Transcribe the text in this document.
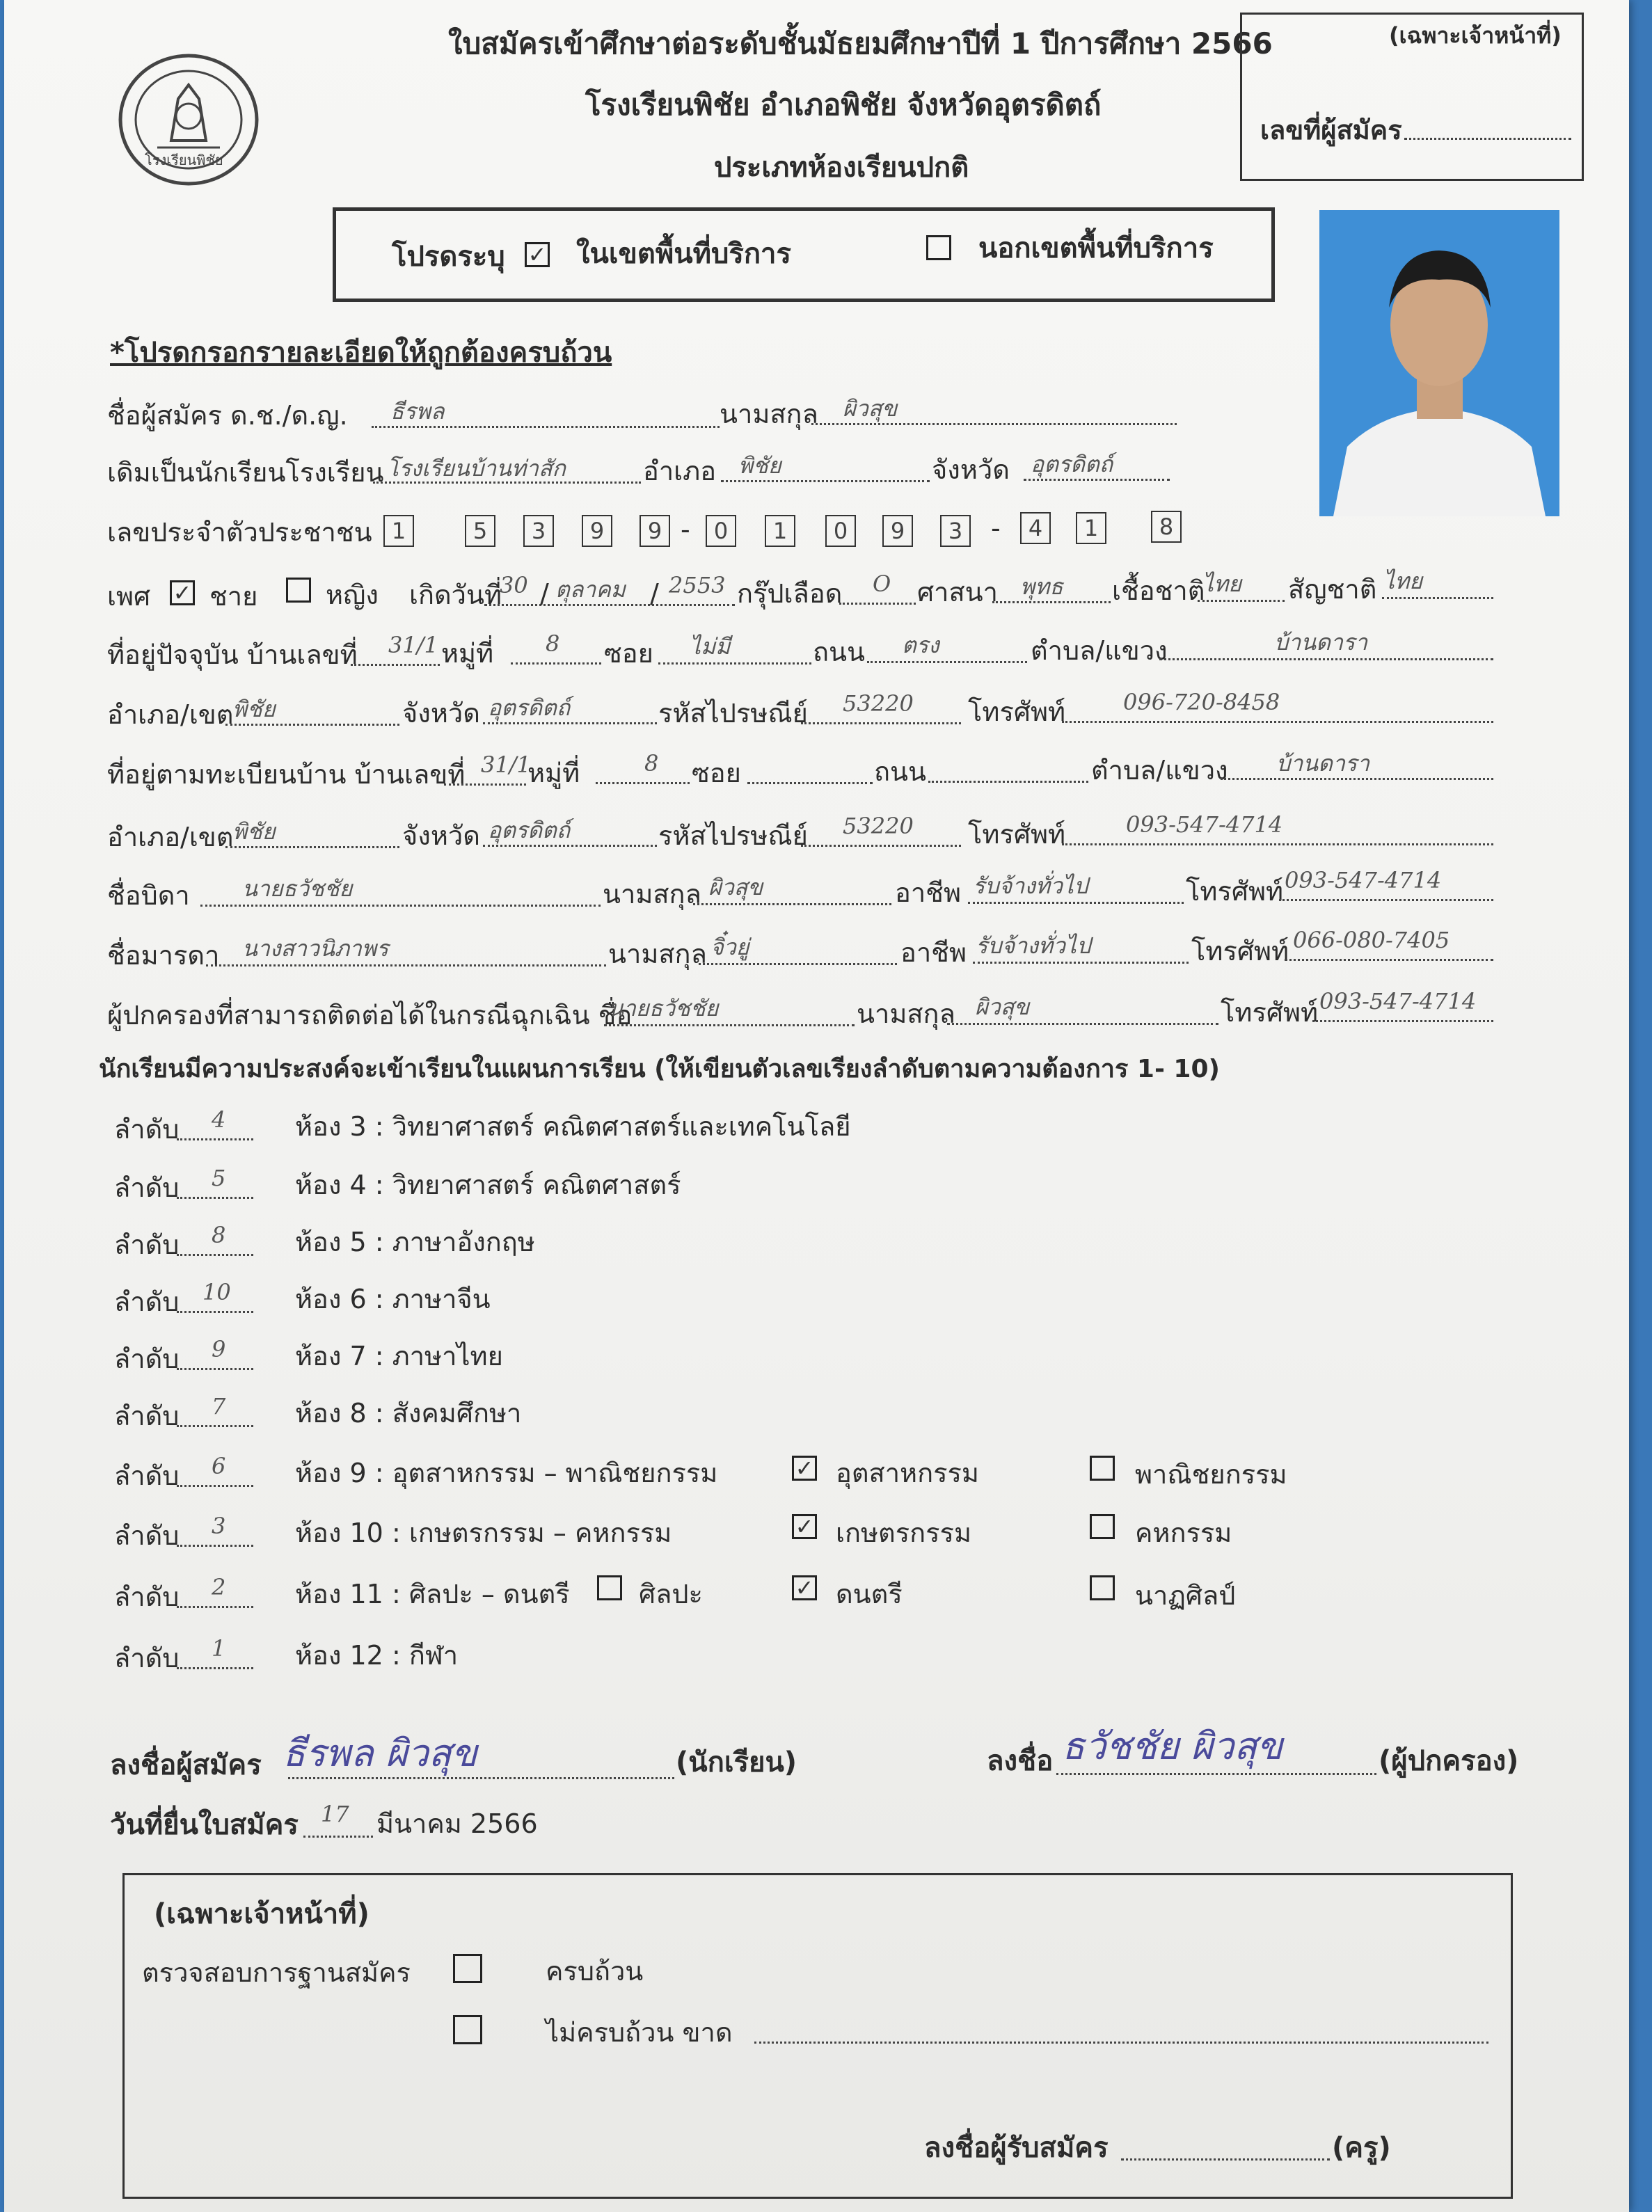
โรงเรียนพิชัย
ใบสมัครเข้าศึกษาต่อระดับชั้นมัธยมศึกษาปีที่ 1 ปีการศึกษา 2566
โรงเรียนพิชัย อำเภอพิชัย จังหวัดอุตรดิตถ์
ประเภทห้องเรียนปกติ
(เฉพาะเจ้าหน้าที่)
เลขที่ผู้สมัคร
โปรดระบุ ✓ ในเขตพื้นที่บริการ	นอกเขตพื้นที่บริการ
*โปรดกรอกรายละเอียดให้ถูกต้องครบถ้วน
ชื่อผู้สมัคร ด.ช./ด.ญ. ธีรพล	นามสกุล ผิวสุข
เดิมเป็นนักเรียนโรงเรียน โรงเรียนบ้านท่าสัก	อำเภอ พิชัย	จังหวัด อุตรดิตถ์
เลขประจำตัวประชาชน 1	5	3	9	9 -	0	1	0	9	3	-	4	1	8
เพศ ✓ ชาย	หญิง เกิดวันที่
30 / ตุลาคม / 2553 กรุ๊ปเลือด O ศาสนา พุทธ เชื้อชาติ
ไทย สัญชาติ ไทย
ที่อยู่ปัจจุบัน บ้านเลขที่ 31/1 หมู่ที่ 8 ซอย ไม่มี	ถนน ตรง	ตำบล/แขวง	บ้านดารา
อำเภอ/เขต
พิชัย	จังหวัด อุตรดิตถ์	รหัสไปรษณีย์ 53220 โทรศัพท์	096-720-8458
ที่อยู่ตามทะเบียนบ้าน บ้านเลขที่ 31/1
หมู่ที่	8 ซอย	ถนน	ตำบล/แขวง บ้านดารา
อำเภอ/เขต
พิชัย	จังหวัด อุตรดิตถ์	รหัสไปรษณีย์ 53220 โทรศัพท์	093-547-4714
ชื่อบิดา นายธวัชชัย	นามสกุล ผิวสุข	อาชีพ รับจ้างทั่วไป	โทรศัพท์ 093-547-4714
ชื่อมารดา นางสาวนิภาพร	นามสกุล จิ๋วยู่	อาชีพ รับจ้างทั่วไป	โทรศัพท์ 066-080-7405
ผู้ปกครองที่สามารถติดต่อได้ในกรณีฉุกเฉิน ชื่อ
นายธวัชชัย	นามสกุล ผิวสุข	โทรศัพท์ 093-547-4714
นักเรียนมีความประสงค์จะเข้าเรียนในแผนการเรียน (ให้เขียนตัวเลขเรียงลำดับตามความต้องการ 1- 10)
ลำดับ 4	ห้อง 3 : วิทยาศาสตร์ คณิตศาสตร์และเทคโนโลยี
ลำดับ 5	ห้อง 4 : วิทยาศาสตร์ คณิตศาสตร์
ลำดับ 8	ห้อง 5 : ภาษาอังกฤษ
ลำดับ 10 ห้อง 6 : ภาษาจีน
ลำดับ 9	ห้อง 7 : ภาษาไทย
ลำดับ 7	ห้อง 8 : สังคมศึกษา
ลำดับ 6	ห้อง 9 : อุตสาหกรรม – พาณิชยกรรม	✓ อุตสาหกรรม	พาณิชยกรรม
ลำดับ 3	ห้อง 10 : เกษตรกรรม – คหกรรม	✓ เกษตรกรรม	คหกรรม
ลำดับ 2	ห้อง 11 : ศิลปะ – ดนตรี	ศิลปะ	✓ ดนตรี	นาฏศิลป์
ลำดับ 1	ห้อง 12 : กีฬา
ลงชื่อผู้สมัคร ธีรพล ผิวสุข	(นักเรียน)	ลงชื่อ ธวัชชัย ผิวสุข	(ผู้ปกครอง)
วันที่ยื่นใบสมัคร 17 มีนาคม 2566
(เฉพาะเจ้าหน้าที่)
ตรวจสอบการฐานสมัคร	ครบถ้วน
ไม่ครบถ้วน ขาด
ลงชื่อผู้รับสมัคร	(ครู)
